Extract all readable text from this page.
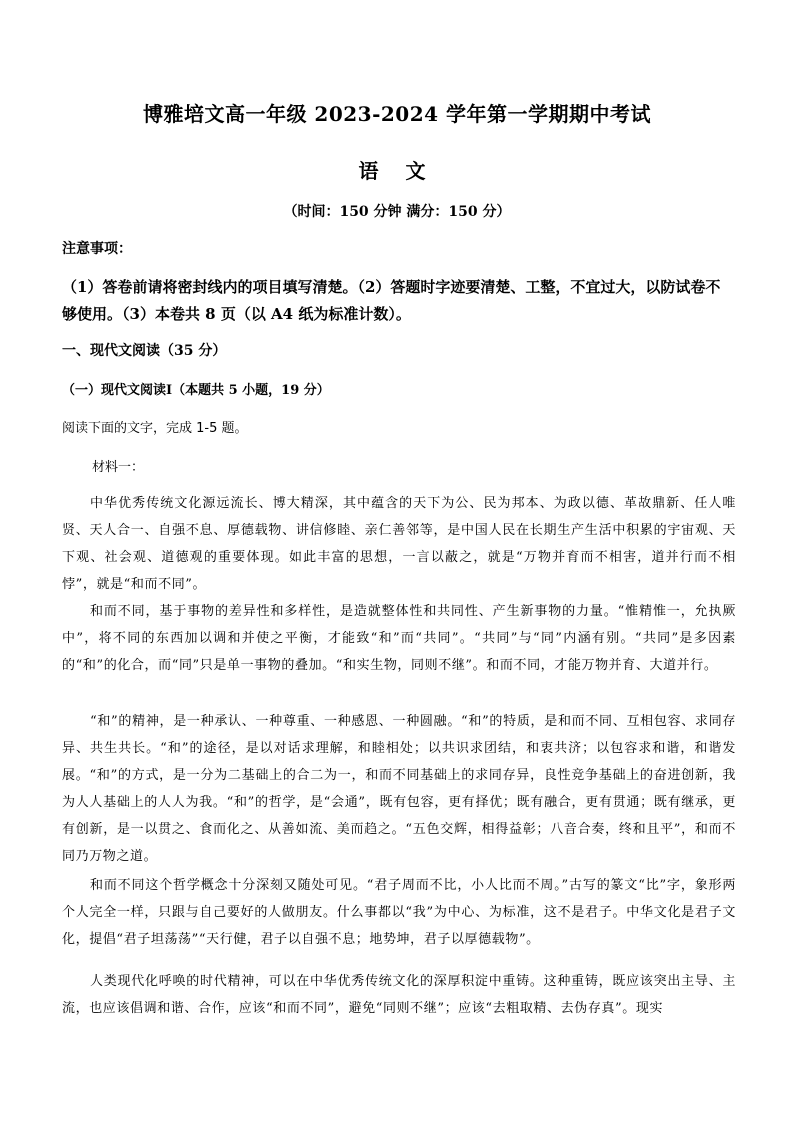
博雅培文高一年级 2023-2024 学年第一学期期中考试
语 文
（时间：150 分钟 满分：150 分）
注意事项：
（1）答卷前请将密封线内的项目填写清楚。（2）答题时字迹要清楚、工整，不宜过大，以防试卷不够使用。（3）本卷共 8 页（以 A4 纸为标准计数）。
一、现代文阅读（35 分）
（一）现代文阅读Ⅰ（本题共 5 小题，19 分）
阅读下面的文字，完成 1-5 题。
材料一：
中华优秀传统文化源远流长、博大精深，其中蕴含的天下为公、民为邦本、为政以德、革故鼎新、任人唯贤、天人合一、自强不息、厚德载物、讲信修睦、亲仁善邻等，是中国人民在长期生产生活中积累的宇宙观、天下观、社会观、道德观的重要体现。如此丰富的思想，一言以蔽之，就是“万物并育而不相害，道并行而不相悖”，就是“和而不同”。
和而不同，基于事物的差异性和多样性，是造就整体性和共同性、产生新事物的力量。“惟精惟一，允执厥中”，将不同的东西加以调和并使之平衡，才能致“和”而“共同”。“共同”与“同”内涵有别。“共同”是多因素的“和”的化合，而“同”只是单一事物的叠加。“和实生物，同则不继”。和而不同，才能万物并育、大道并行。
“和”的精神，是一种承认、一种尊重、一种感恩、一种圆融。“和”的特质，是和而不同、互相包容、求同存异、共生共长。“和”的途径，是以对话求理解，和睦相处；以共识求团结，和衷共济；以包容求和谐，和谐发展。“和”的方式，是一分为二基础上的合二为一，和而不同基础上的求同存异，良性竞争基础上的奋进创新，我为人人基础上的人人为我。“和”的哲学，是“会通”，既有包容，更有择优；既有融合，更有贯通；既有继承，更有创新，是一以贯之、食而化之、从善如流、美而趋之。“五色交辉，相得益彰；八音合奏，终和且平”，和而不同乃万物之道。
和而不同这个哲学概念十分深刻又随处可见。“君子周而不比，小人比而不周。”古写的篆文“比”字，象形两个人完全一样，只跟与自己要好的人做朋友。什么事都以“我”为中心、为标准，这不是君子。中华文化是君子文化，提倡“君子坦荡荡”“天行健，君子以自强不息；地势坤，君子以厚德载物”。
人类现代化呼唤的时代精神，可以在中华优秀传统文化的深厚积淀中重铸。这种重铸，既应该突出主导、主流，也应该倡调和谐、合作，应该“和而不同”，避免“同则不继”；应该“去粗取精、去伪存真”。现实
